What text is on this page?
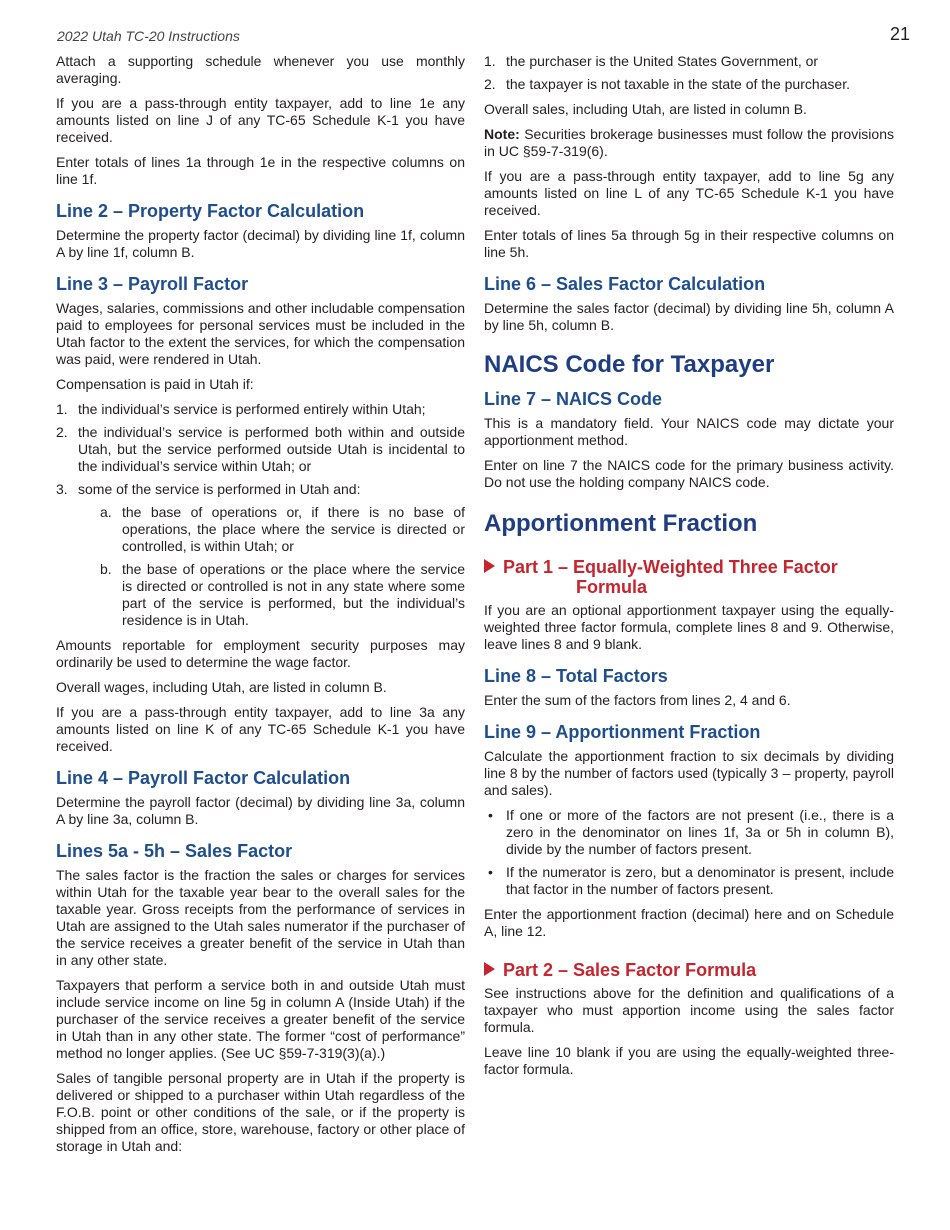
2022 Utah TC-20 Instructions	21

Attach a supporting schedule whenever you use monthly averaging.

If you are a pass-through entity taxpayer, add to line 1e any amounts listed on line J of any TC-65 Schedule K-1 you have received.

Enter totals of lines 1a through 1e in the respective columns on line 1f.

Line 2 – Property Factor Calculation

Determine the property factor (decimal) by dividing line 1f, column A by line 1f, column B.

Line 3 – Payroll Factor

Wages, salaries, commissions and other includable compensation paid to employees for personal services must be included in the Utah factor to the extent the services, for which the compensation was paid, were rendered in Utah.

Compensation is paid in Utah if:

1. the individual’s service is performed entirely within Utah;
2. the individual’s service is performed both within and outside Utah, but the service performed outside Utah is incidental to the individual’s service within Utah; or
3. some of the service is performed in Utah and:
a. the base of operations or, if there is no base of operations, the place where the service is directed or controlled, is within Utah; or
b. the base of operations or the place where the service is directed or controlled is not in any state where some part of the service is performed, but the individual’s residence is in Utah.

Amounts reportable for employment security purposes may ordinarily be used to determine the wage factor.

Overall wages, including Utah, are listed in column B.

If you are a pass-through entity taxpayer, add to line 3a any amounts listed on line K of any TC-65 Schedule K-1 you have received.

Line 4 – Payroll Factor Calculation

Determine the payroll factor (decimal) by dividing line 3a, column A by line 3a, column B.

Lines 5a - 5h – Sales Factor

The sales factor is the fraction the sales or charges for services within Utah for the taxable year bear to the overall sales for the taxable year. Gross receipts from the performance of services in Utah are assigned to the Utah sales numerator if the purchaser of the service receives a greater benefit of the service in Utah than in any other state.

Taxpayers that perform a service both in and outside Utah must include service income on line 5g in column A (Inside Utah) if the purchaser of the service receives a greater benefit of the service in Utah than in any other state. The former “cost of performance” method no longer applies. (See UC §59-7-319(3)(a).)

Sales of tangible personal property are in Utah if the property is delivered or shipped to a purchaser within Utah regardless of the F.O.B. point or other conditions of the sale, or if the property is shipped from an office, store, warehouse, factory or other place of storage in Utah and:

1. the purchaser is the United States Government, or
2. the taxpayer is not taxable in the state of the purchaser.

Overall sales, including Utah, are listed in column B.

Note: Securities brokerage businesses must follow the provisions in UC §59-7-319(6).

If you are a pass-through entity taxpayer, add to line 5g any amounts listed on line L of any TC-65 Schedule K-1 you have received.

Enter totals of lines 5a through 5g in their respective columns on line 5h.

Line 6 – Sales Factor Calculation

Determine the sales factor (decimal) by dividing line 5h, column A by line 5h, column B.

NAICS Code for Taxpayer
Line 7 – NAICS Code

This is a mandatory field. Your NAICS code may dictate your apportionment method.

Enter on line 7 the NAICS code for the primary business activity. Do not use the holding company NAICS code.

Apportionment Fraction
Part 1 – Equally-Weighted Three Factor
Formula

If you are an optional apportionment taxpayer using the equally-weighted three factor formula, complete lines 8 and 9. Otherwise, leave lines 8 and 9 blank.

Line 8 – Total Factors

Enter the sum of the factors from lines 2, 4 and 6.

Line 9 – Apportionment Fraction

Calculate the apportionment fraction to six decimals by dividing line 8 by the number of factors used (typically 3 – property, payroll and sales).

• If one or more of the factors are not present (i.e., there is a zero in the denominator on lines 1f, 3a or 5h in column B), divide by the number of factors present.
• If the numerator is zero, but a denominator is present, include that factor in the number of factors present.

Enter the apportionment fraction (decimal) here and on Schedule A, line 12.

Part 2 – Sales Factor Formula

See instructions above for the definition and qualifications of a taxpayer who must apportion income using the sales factor formula.

Leave line 10 blank if you are using the equally-weighted three-factor formula.
